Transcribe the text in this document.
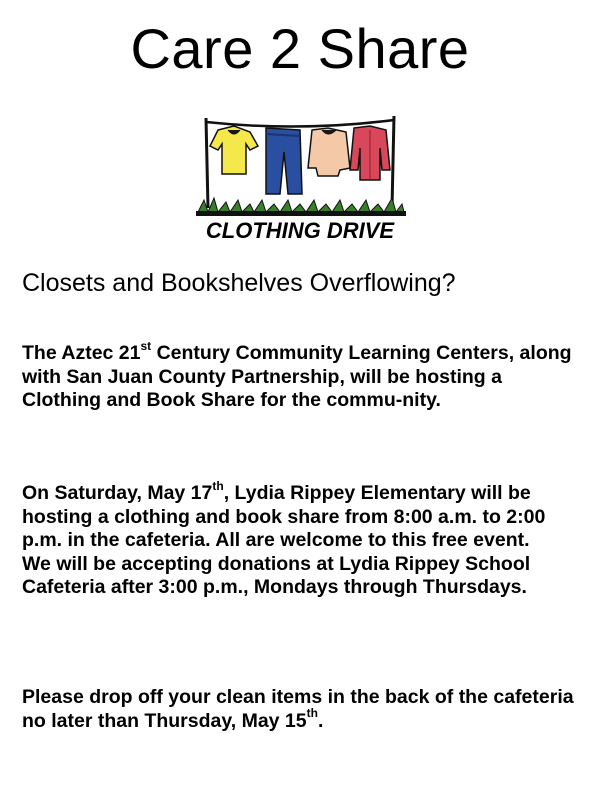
Care 2 Share
CLOTHING DRIVE
Closets and Bookshelves Overflowing?
The Aztec 21st Century Community Learning Centers, along with San Juan County Partnership, will be hosting a Clothing and Book Share for the commu-nity.
On Saturday, May 17th, Lydia Rippey Elementary will be hosting a clothing and book share from 8:00 a.m. to 2:00 p.m. in the cafeteria. All are welcome to this free event.
We will be accepting donations at Lydia Rippey School Cafeteria after 3:00 p.m., Mondays through Thursdays.
Please drop off your clean items in the back of the cafeteria no later than Thursday, May 15th.
